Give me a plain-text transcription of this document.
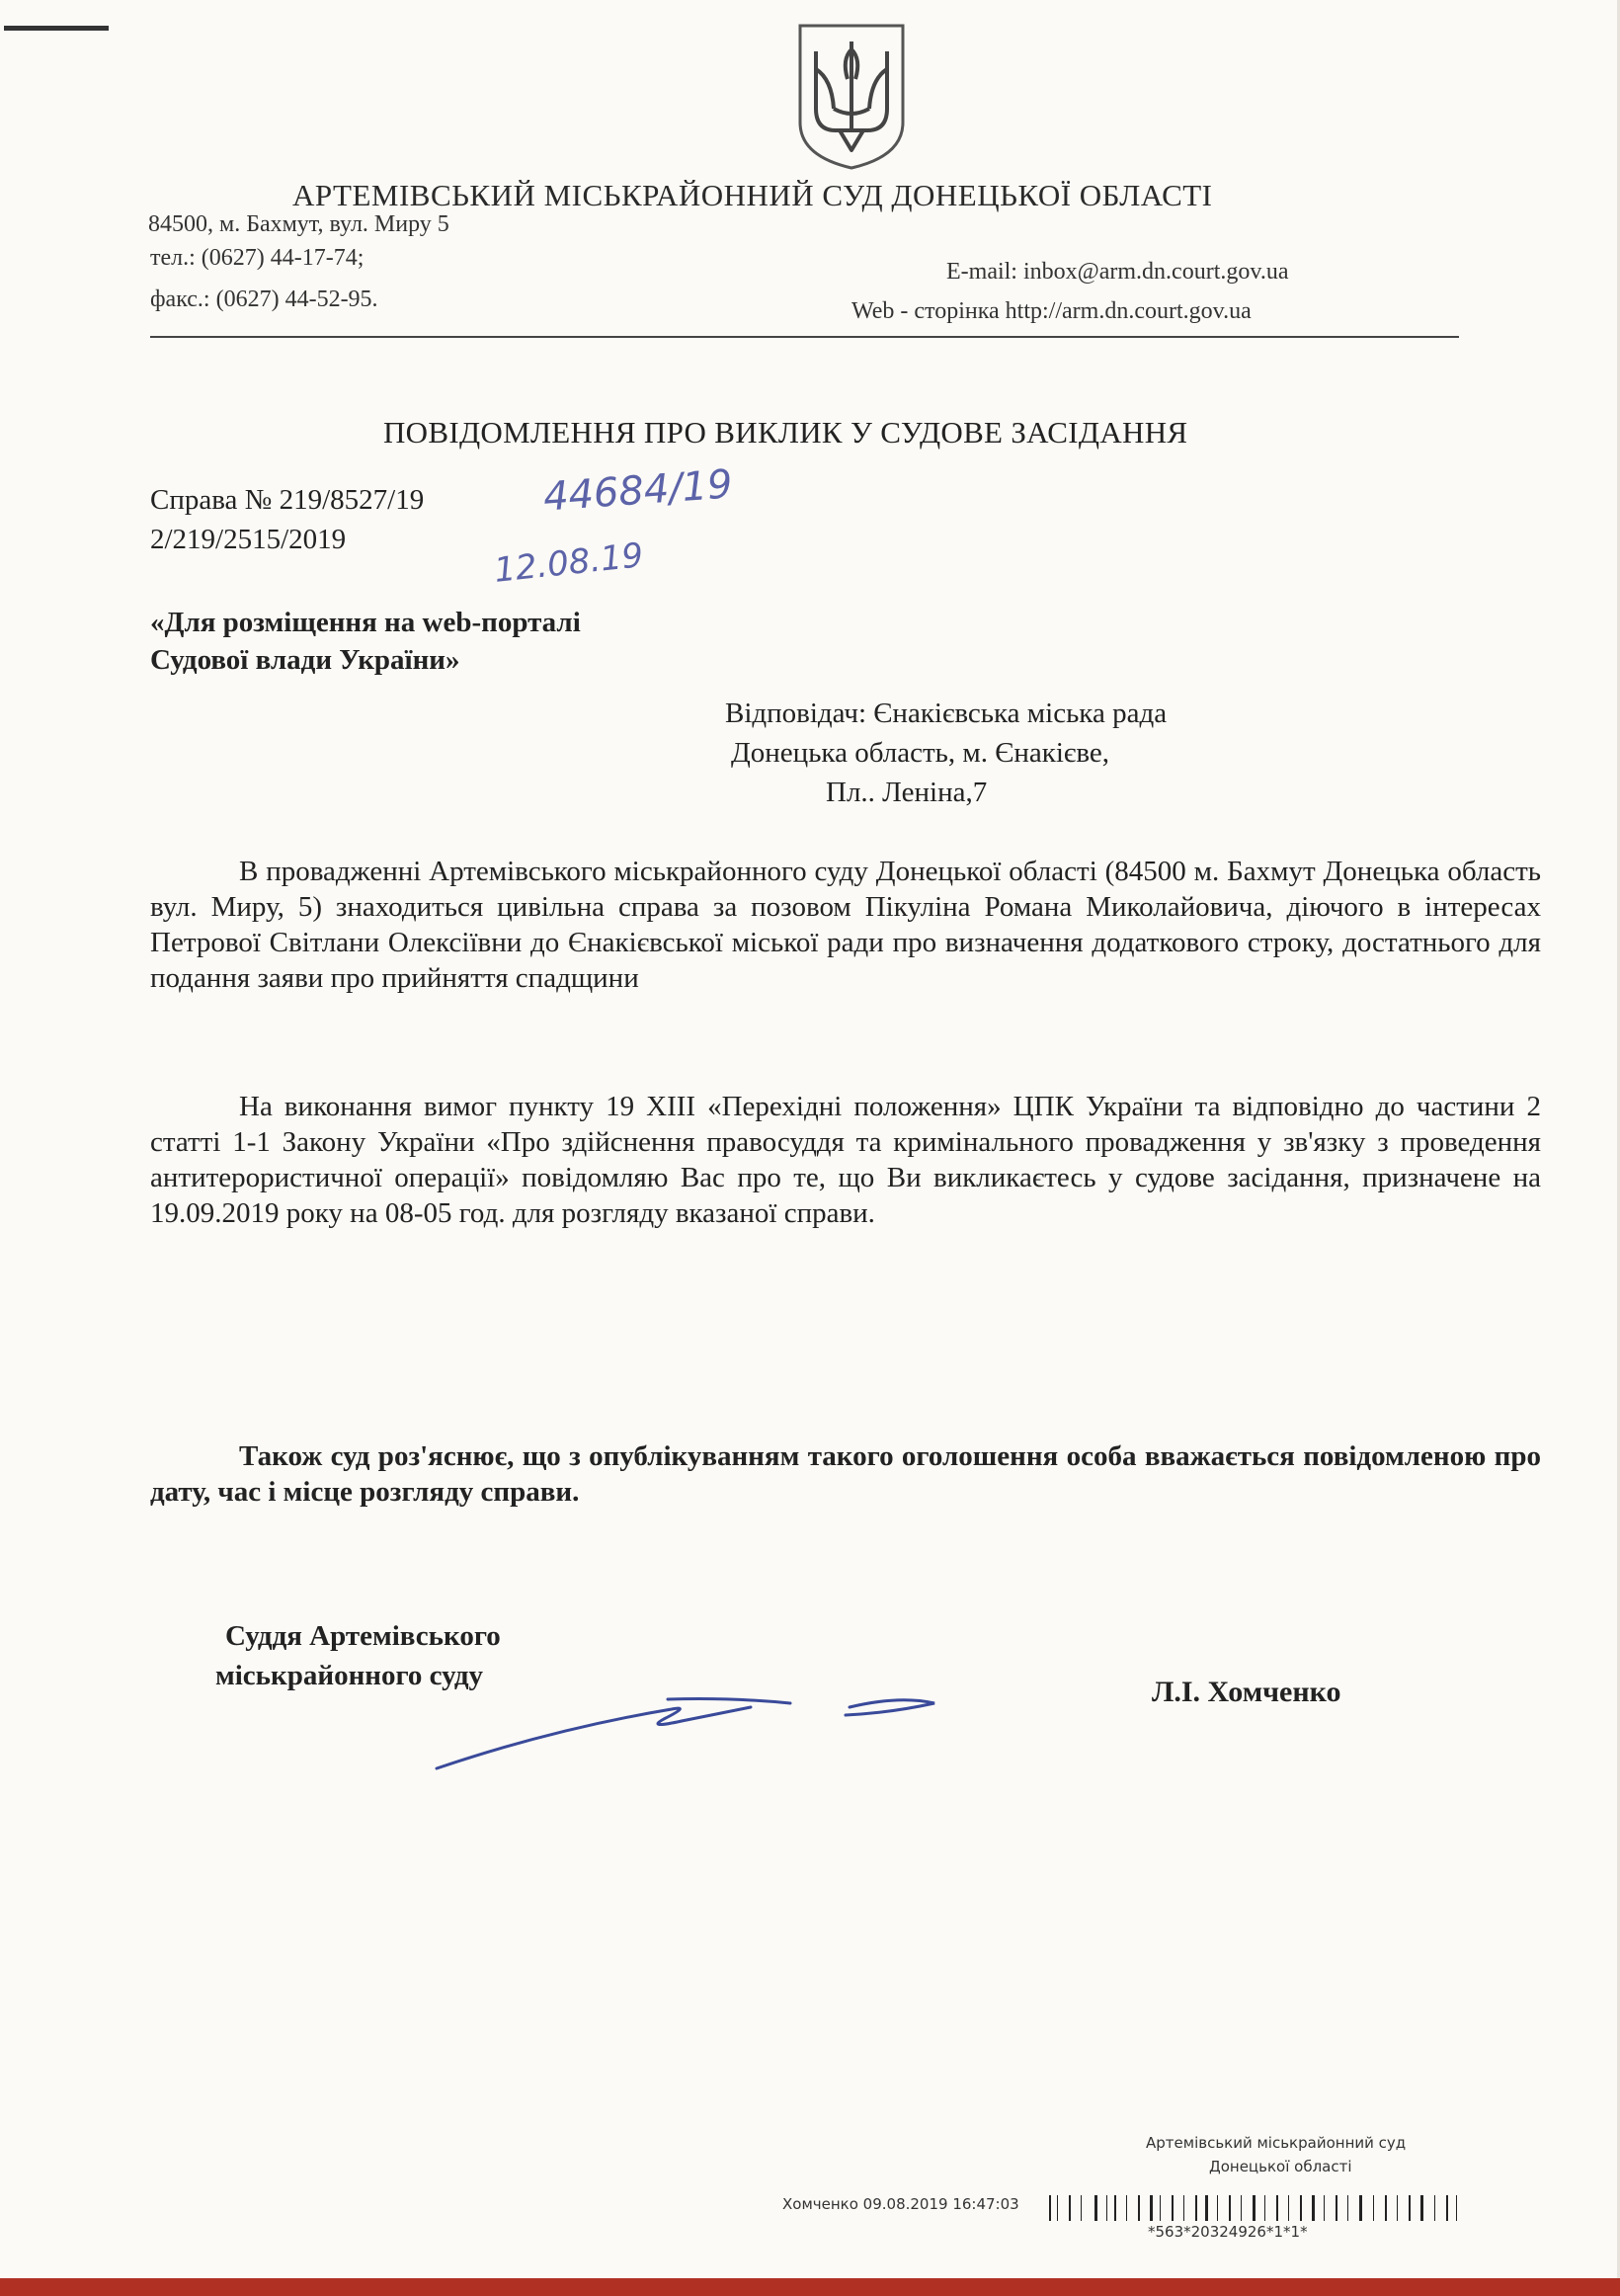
АРТЕМІВСЬКИЙ МІСЬКРАЙОННИЙ СУД ДОНЕЦЬКОЇ ОБЛАСТІ
84500, м. Бахмут, вул. Миру 5
тел.: (0627) 44-17-74;
факс.: (0627) 44-52-95.
E-mail: inbox@arm.dn.court.gov.ua
Web - сторінка http://arm.dn.court.gov.ua
ПОВІДОМЛЕННЯ ПРО ВИКЛИК У СУДОВЕ ЗАСІДАННЯ
Справа № 219/8527/19	44684/19
2/219/2515/2019	12.08.19
«Для розміщення на web-порталі
Судової влади України»
Відповідач: Єнакієвська міська рада
Донецька область, м. Єнакієве,
Пл.. Леніна,7
В провадженні Артемівського міськрайонного суду Донецької області (84500 м. Бахмут Донецька область вул. Миру, 5) знаходиться цивільна справа за позовом Пікуліна Романа Миколайовича, діючого в інтересах Петрової Світлани Олексіївни до Єнакієвської міської ради про визначення додаткового строку, достатнього для подання заяви про прийняття спадщини
На виконання вимог пункту 19 XIII «Перехідні положення» ЦПК України та відповідно до частини 2 статті 1-1 Закону України «Про здійснення правосуддя та кримінального провадження у зв'язку з проведення антитерористичної операції» повідомляю Вас про те, що Ви викликаєтесь у судове засідання, призначене на 19.09.2019 року на 08-05 год. для розгляду вказаної справи.
Також суд роз'яснює, що з опублікуванням такого оголошення особа вважається повідомленою про дату, час і місце розгляду справи.
Суддя Артемівського
міськрайонного суду	Л.І. Хомченко
Артемівський міськрайонний суд
Донецької області
Хомченко 09.08.2019 16:47:03
*563*20324926*1*1*
